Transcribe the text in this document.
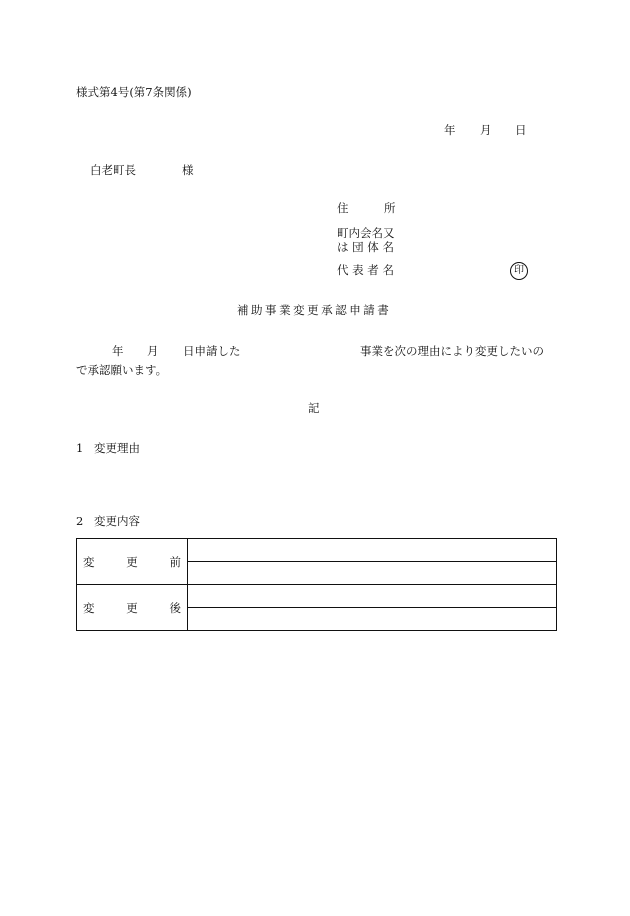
様式第4号(第7条関係)
年 月 日
白老町長	様
住	所
町内会名又
は 団 体 名
代 表 者 名	印
補助事業変更承認申請書
年 月 日申請した	事業を次の理由により変更したいの
で承認願います。
記
1 変更理由
2 変更内容
変 更 前	

変 更 後	
